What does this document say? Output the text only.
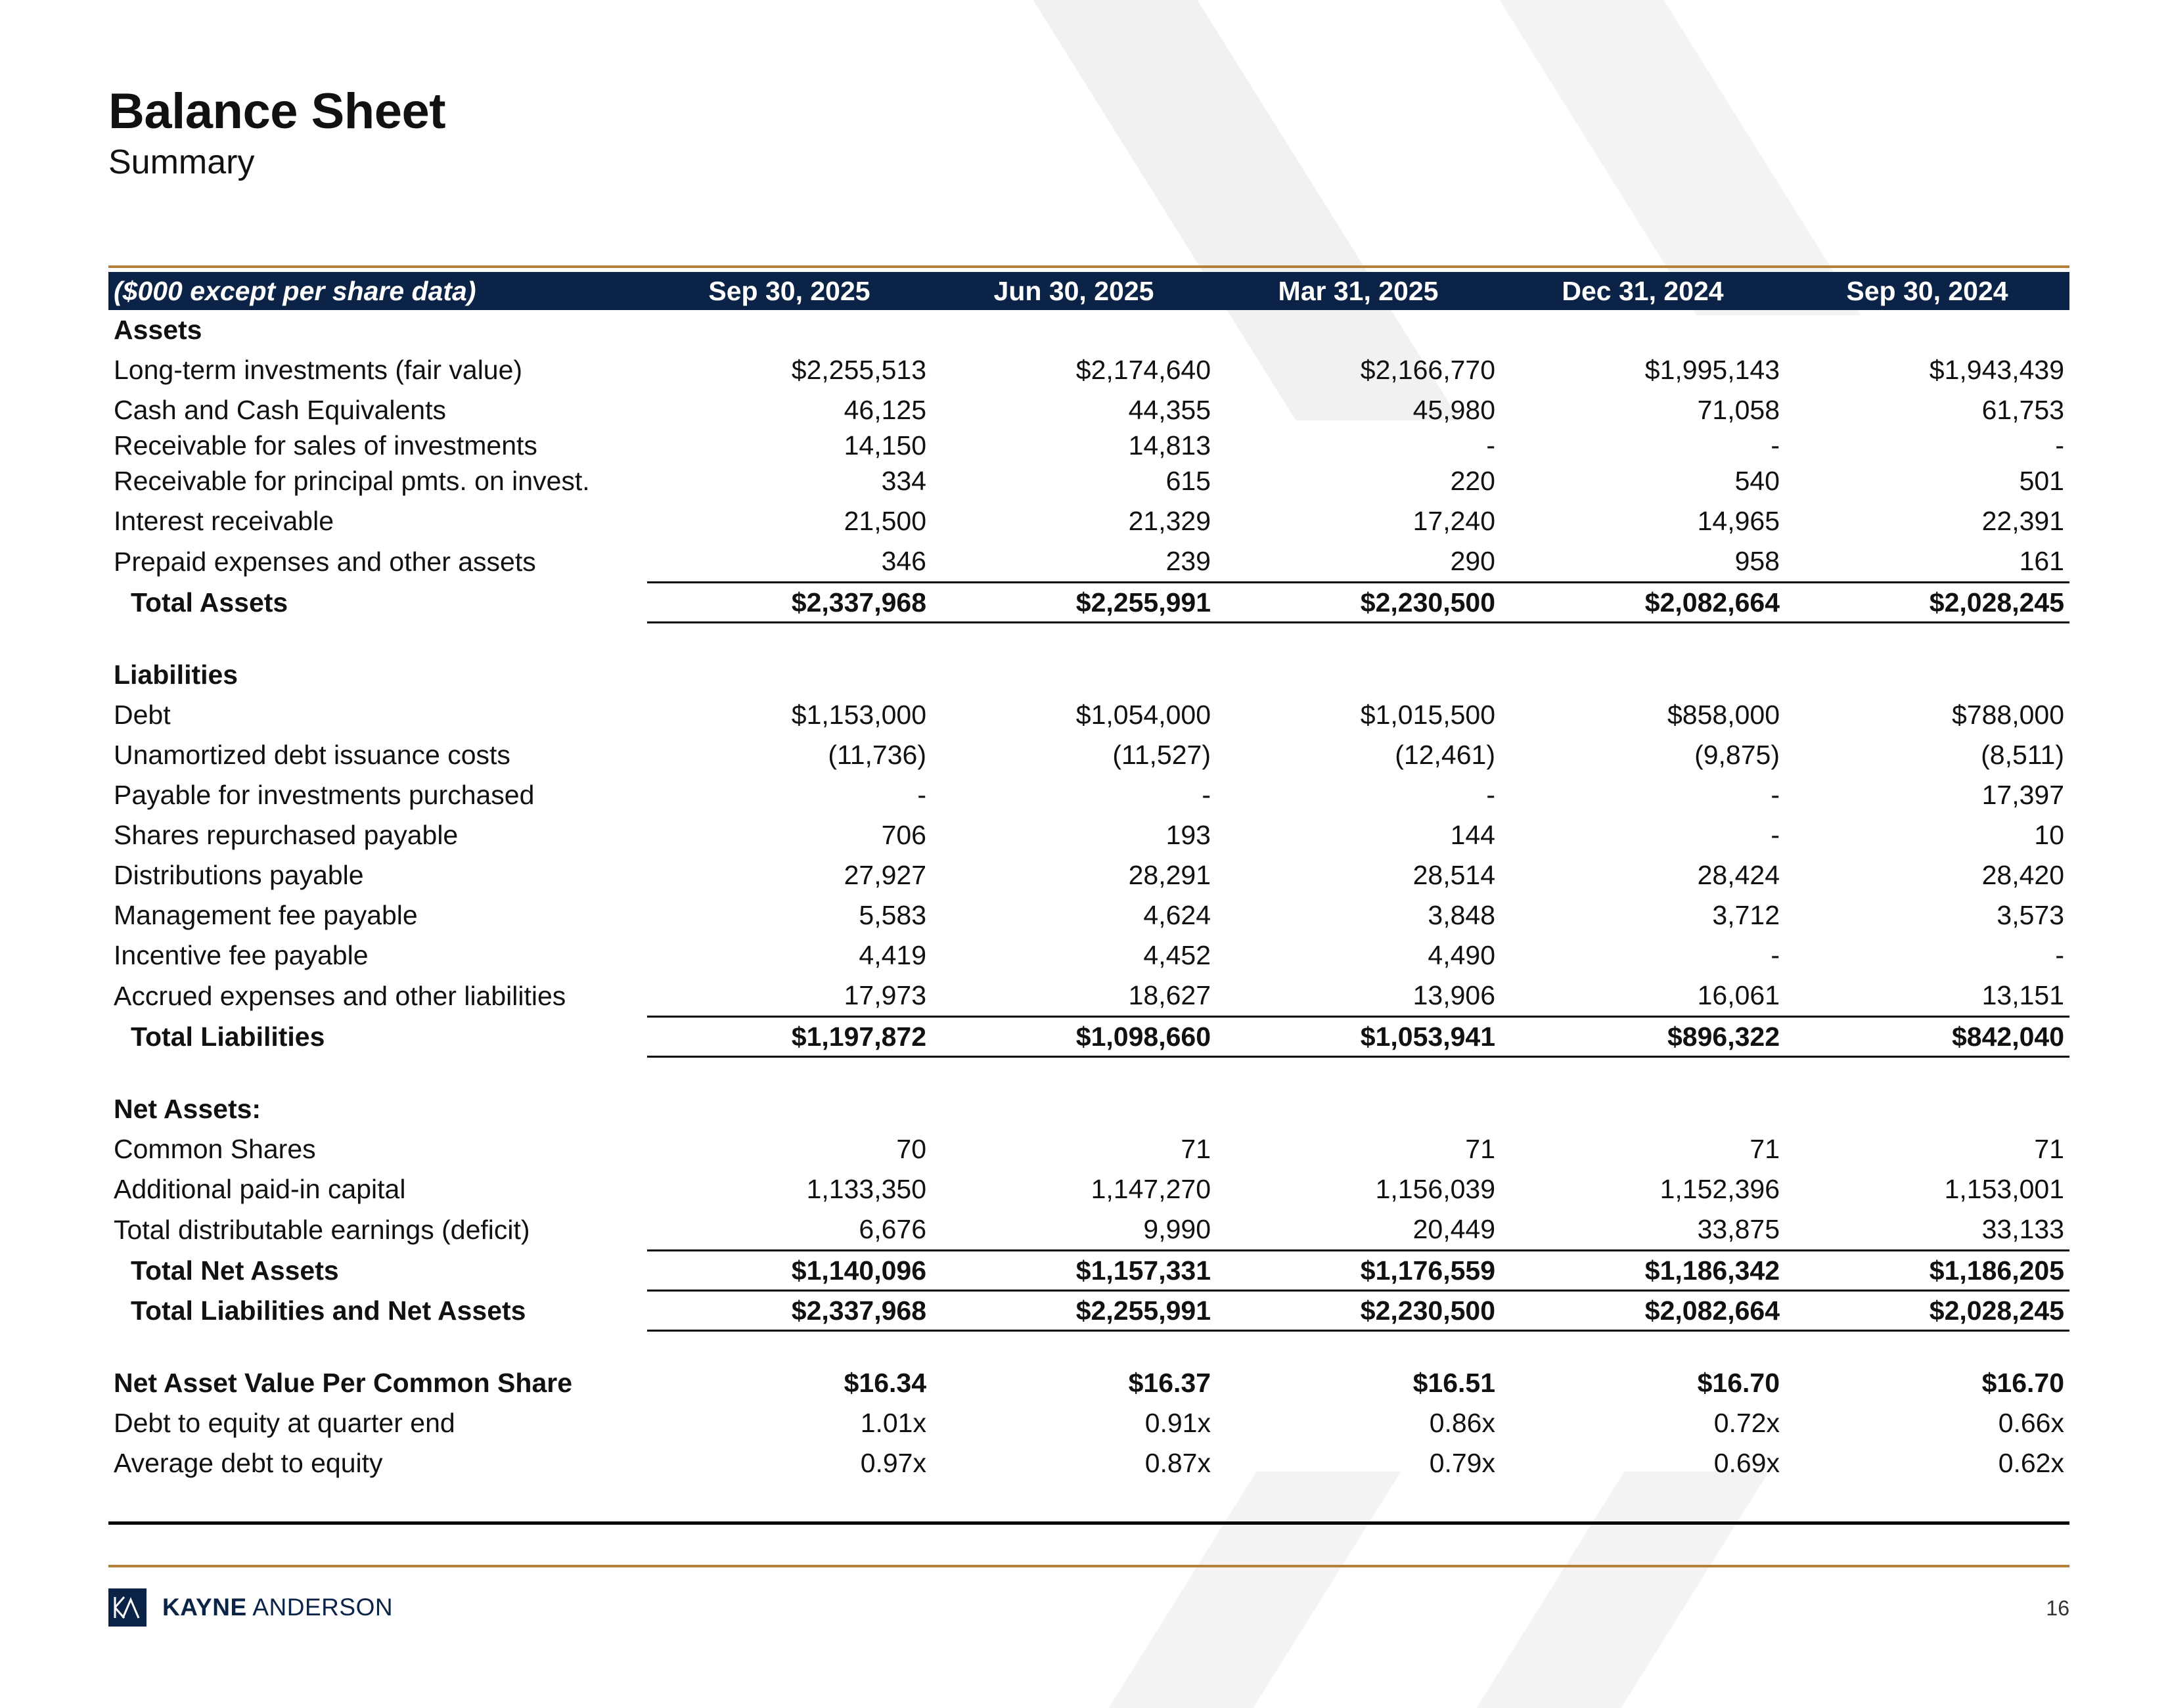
Balance Sheet
Summary
($000 except per share data)	Sep 30, 2025	Jun 30, 2025	Mar 31, 2025	Dec 31, 2024	Sep 30, 2024
Assets					
Long-term investments (fair value)	$2,255,513	$2,174,640	$2,166,770	$1,995,143	$1,943,439
Cash and Cash Equivalents	46,125	44,355	45,980	71,058	61,753
Receivable for sales of investments	14,150	14,813	-	-	-
Receivable for principal pmts. on invest.	334	615	220	540	501
Interest receivable	21,500	21,329	17,240	14,965	22,391
Prepaid expenses and other assets	346	239	290	958	161
Total Assets	$2,337,968	$2,255,991	$2,230,500	$2,082,664	$2,028,245

Liabilities					
Debt	$1,153,000	$1,054,000	$1,015,500	$858,000	$788,000
Unamortized debt issuance costs	(11,736)	(11,527)	(12,461)	(9,875)	(8,511)
Payable for investments purchased	-	-	-	-	17,397
Shares repurchased payable	706	193	144	-	10
Distributions payable	27,927	28,291	28,514	28,424	28,420
Management fee payable	5,583	4,624	3,848	3,712	3,573
Incentive fee payable	4,419	4,452	4,490	-	-
Accrued expenses and other liabilities	17,973	18,627	13,906	16,061	13,151
Total Liabilities	$1,197,872	$1,098,660	$1,053,941	$896,322	$842,040

Net Assets:					
Common Shares	70	71	71	71	71
Additional paid-in capital	1,133,350	1,147,270	1,156,039	1,152,396	1,153,001
Total distributable earnings (deficit)	6,676	9,990	20,449	33,875	33,133
Total Net Assets	$1,140,096	$1,157,331	$1,176,559	$1,186,342	$1,186,205
Total Liabilities and Net Assets	$2,337,968	$2,255,991	$2,230,500	$2,082,664	$2,028,245

Net Asset Value Per Common Share	$16.34	$16.37	$16.51	$16.70	$16.70
Debt to equity at quarter end	1.01x	0.91x	0.86x	0.72x	0.66x
Average debt to equity	0.97x	0.87x	0.79x	0.69x	0.62x
KAYNE ANDERSON	16
